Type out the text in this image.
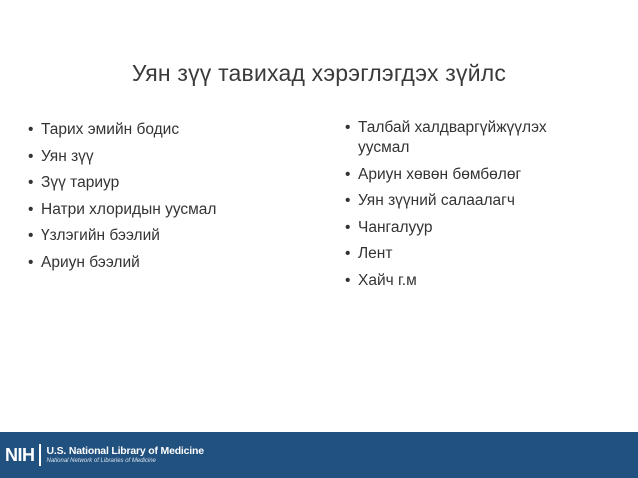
Уян зүү тавихад хэрэглэгдэх зүйлс
• Тарих эмийн бодис
• Уян зүү
• Зүү тариур
• Натри хлоридын уусмал
• Үзлэгийн бээлий
• Ариун бээлий
• Талбай халдваргүйжүүлэх уусмал
• Ариун хөвөн бөмбөлөг
• Уян зүүний салаалагч
• Чангалуур
• Лент
• Хайч г.м
NIH	U.S. National Library of Medicine
National Network of Libraries of Medicine
